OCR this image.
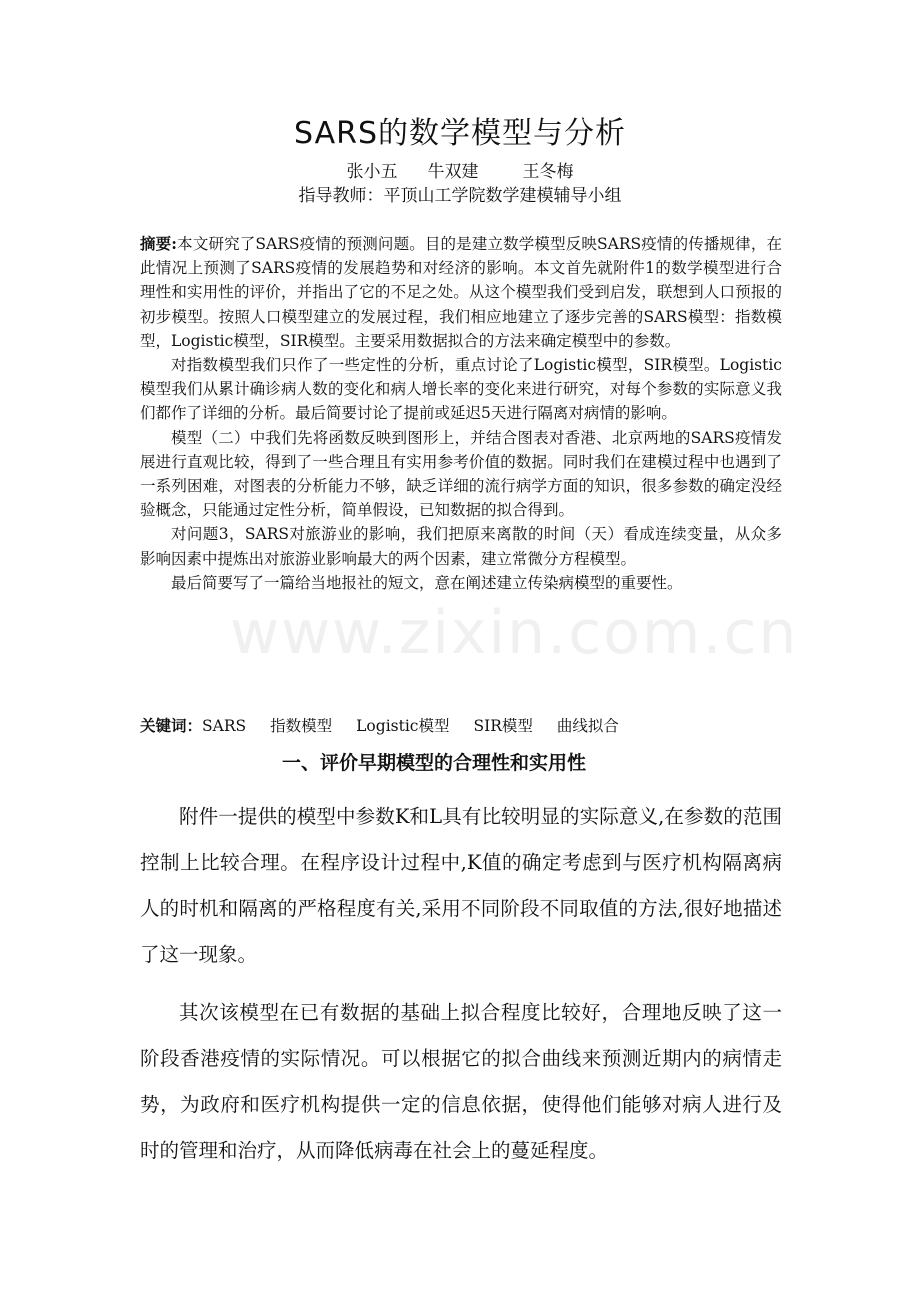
SARS的数学模型与分析
张小五 牛双建	王冬梅
指导教师：平顶山工学院数学建模辅导小组

摘要:本文研究了SARS疫情的预测问题。目的是建立数学模型反映SARS疫情的传播规律，在此情况上预测了SARS疫情的发展趋势和对经济的影响。本文首先就附件1的数学模型进行合理性和实用性的评价，并指出了它的不足之处。从这个模型我们受到启发，联想到人口预报的初步模型。按照人口模型建立的发展过程，我们相应地建立了逐步完善的SARS模型：指数模型，Logistic模型，SIR模型。主要采用数据拟合的方法来确定模型中的参数。

对指数模型我们只作了一些定性的分析，重点讨论了Logistic模型，SIR模型。Logistic模型我们从累计确诊病人数的变化和病人增长率的变化来进行研究，对每个参数的实际意义我们都作了详细的分析。最后简要讨论了提前或延迟5天进行隔离对病情的影响。

模型（二）中我们先将函数反映到图形上，并结合图表对香港、北京两地的SARS疫情发展进行直观比较，得到了一些合理且有实用参考价值的数据。同时我们在建模过程中也遇到了一系列困难，对图表的分析能力不够，缺乏详细的流行病学方面的知识，很多参数的确定没经验概念，只能通过定性分析，简单假设，已知数据的拟合得到。

对问题3，SARS对旅游业的影响，我们把原来离散的时间（天）看成连续变量，从众多影响因素中提炼出对旅游业影响最大的两个因素，建立常微分方程模型。

最后简要写了一篇给当地报社的短文，意在阐述建立传染病模型的重要性。

关键词：SARS 指数模型 Logistic模型 SIR模型 曲线拟合
一、评价早期模型的合理性和实用性

附件一提供的模型中参数K和L具有比较明显的实际意义,在参数的范围控制上比较合理。在程序设计过程中,K值的确定考虑到与医疗机构隔离病人的时机和隔离的严格程度有关,采用不同阶段不同取值的方法,很好地描述了这一现象。

其次该模型在已有数据的基础上拟合程度比较好，合理地反映了这一阶段香港疫情的实际情况。可以根据它的拟合曲线来预测近期内的病情走势，为政府和医疗机构提供一定的信息依据，使得他们能够对病人进行及时的管理和治疗，从而降低病毒在社会上的蔓延程度。

www.zixin.com.cn
